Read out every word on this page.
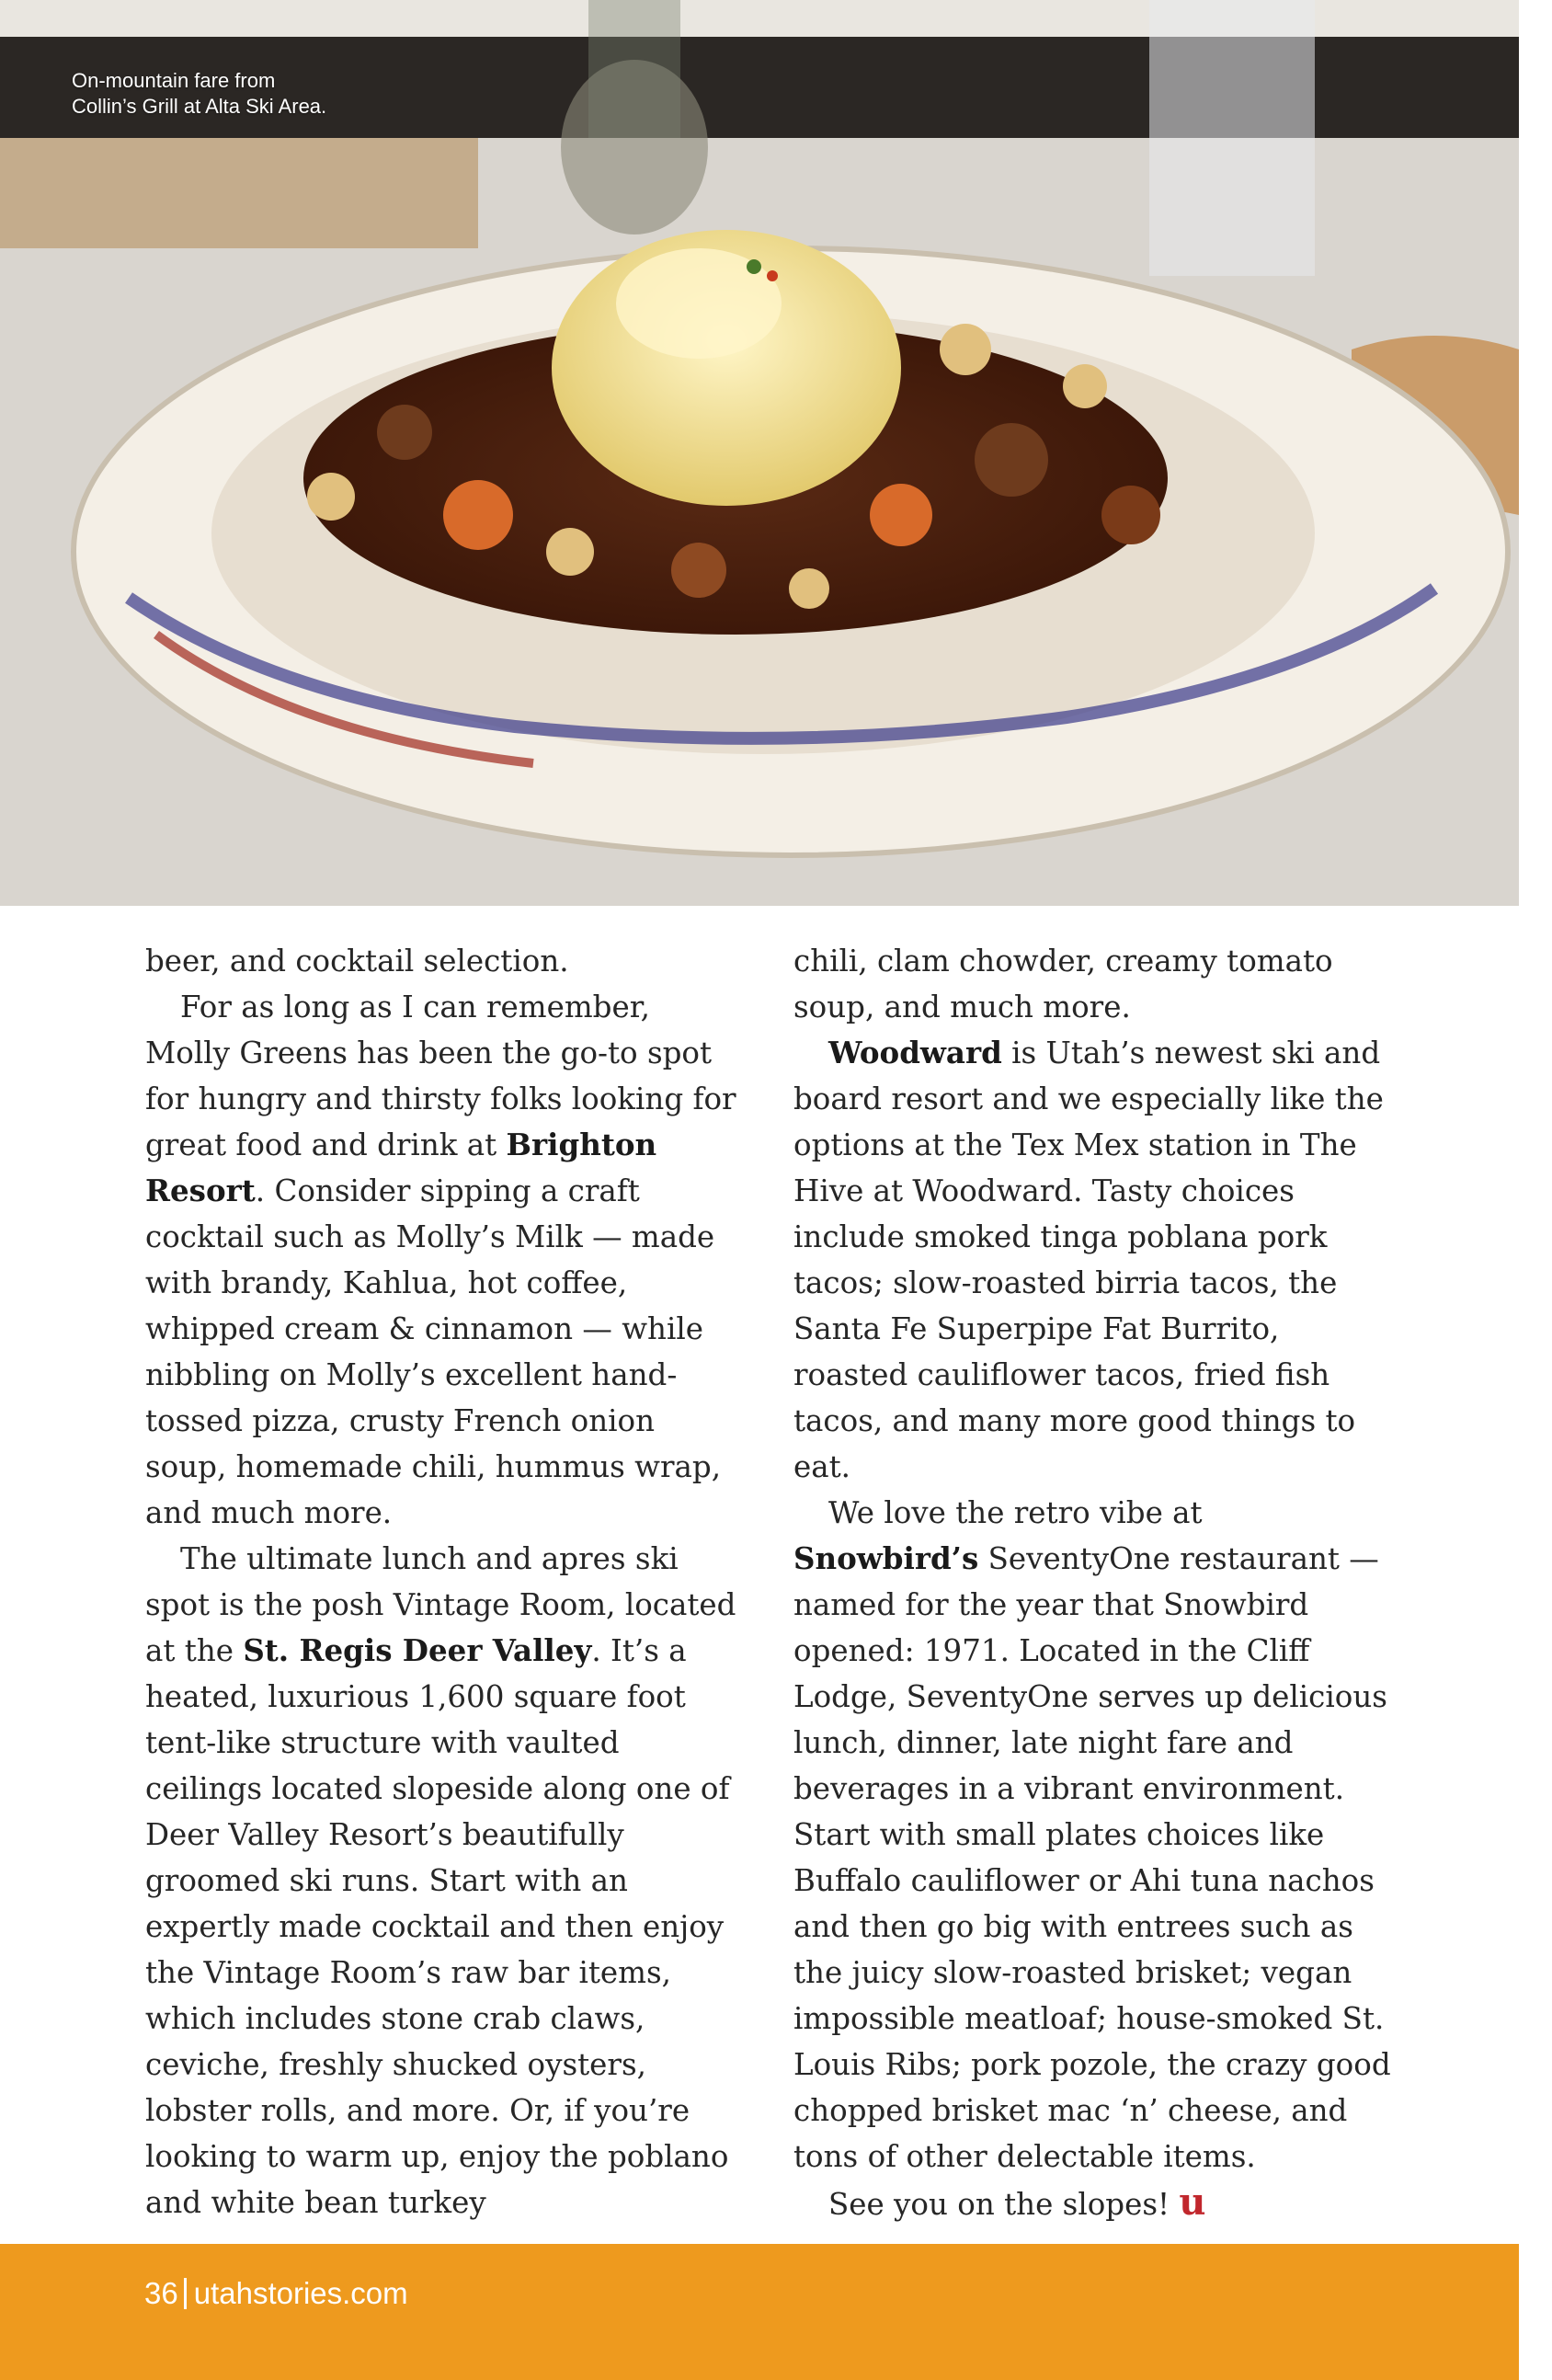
On-mountain fare from
Collin’s Grill at Alta Ski Area.

beer, and cocktail selection.

For as long as I can remember, Molly Greens has been the go-to spot for hungry and thirsty folks looking for great food and drink at Brighton Resort. Consider sipping a craft cocktail such as Molly’s Milk — made with brandy, Kahlua, hot coffee, whipped cream & cinnamon — while nibbling on Molly’s excellent hand-tossed pizza, crusty French onion soup, homemade chili, hummus wrap, and much more.

The ultimate lunch and apres ski spot is the posh Vintage Room, located at the St. Regis Deer Valley. It’s a heated, luxurious 1,600 square foot tent-like structure with vaulted ceilings located slopeside along one of Deer Valley Resort’s beautifully groomed ski runs. Start with an expertly made cocktail and then enjoy the Vintage Room’s raw bar items, which includes stone crab claws, ceviche, freshly shucked oysters, lobster rolls, and more. Or, if you’re looking to warm up, enjoy the poblano and white bean turkey

chili, clam chowder, creamy tomato soup, and much more.

Woodward is Utah’s newest ski and board resort and we especially like the options at the Tex Mex station in The Hive at Woodward. Tasty choices include smoked tinga poblana pork tacos; slow-roasted birria tacos, the Santa Fe Superpipe Fat Burrito, roasted cauliflower tacos, fried fish tacos, and many more good things to eat.

We love the retro vibe at Snowbird’s SeventyOne restaurant — named for the year that Snowbird opened: 1971. Located in the Cliff Lodge, SeventyOne serves up delicious lunch, dinner, late night fare and beverages in a vibrant environment. Start with small plates choices like Buffalo cauliflower or Ahi tuna nachos and then go big with entrees such as the juicy slow-roasted brisket; vegan impossible meatloaf; house-smoked St. Louis Ribs; pork pozole, the crazy good chopped brisket mac ‘n’ cheese, and tons of other delectable items.

See you on the slopes! u

36 utahstories.com
